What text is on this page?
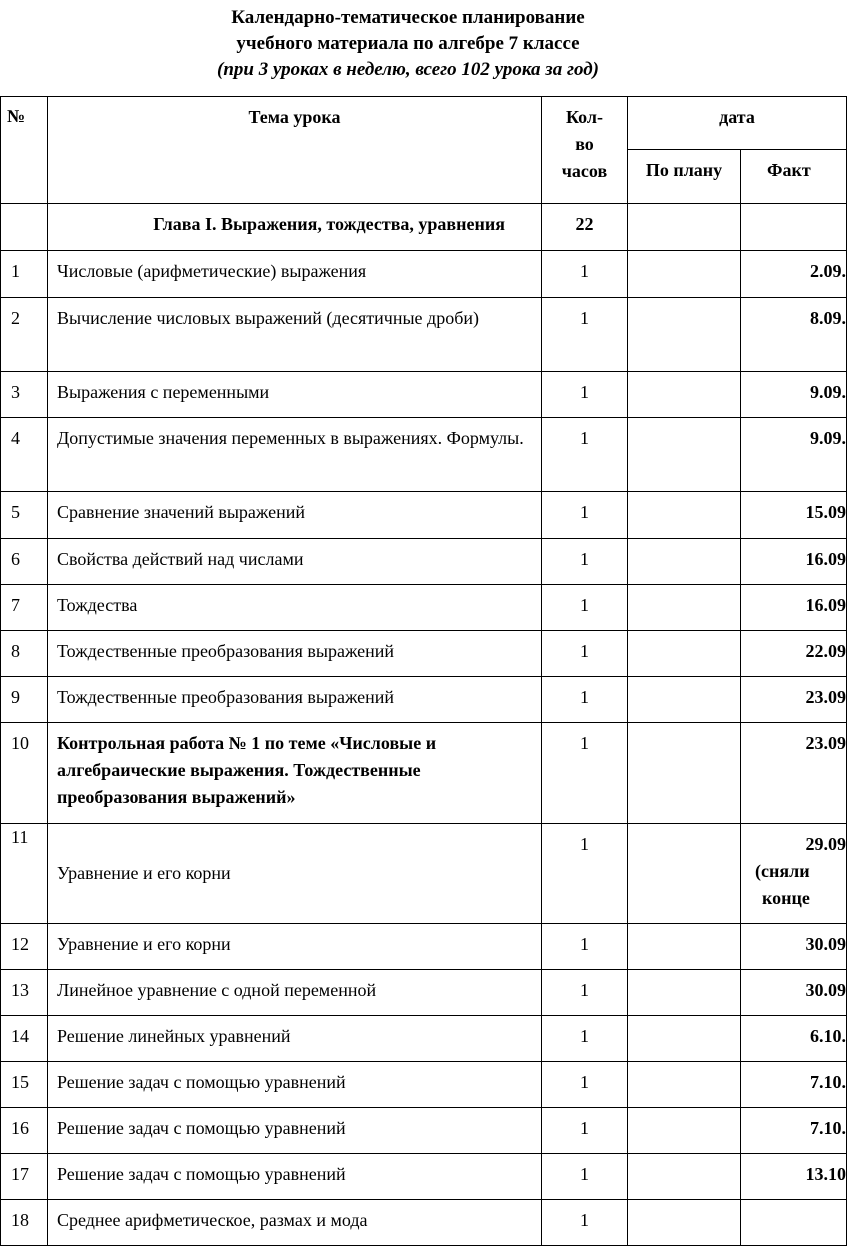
Календарно-тематическое планирование
учебного материала по алгебре 7 классе
(при 3 уроках в неделю, всего 102 урока за год)
№	Тема урока	Кол-во часов	дата	
			По плану	Факт
	Глава I. Выражения, тождества, уравнения	22		
1	Числовые (арифметические) выражения	1		2.09.
2	Вычисление числовых выражений (десятичные дроби)	1		8.09.
3	Выражения с переменными	1		9.09.
4	Допустимые значения переменных в выражениях. Формулы.	1		9.09.
5	Сравнение значений выражений	1		15.09
6	Свойства действий над числами	1		16.09
7	Тождества	1		16.09
8	Тождественные преобразования выражений	1		22.09
9	Тождественные преобразования выражений	1		23.09
10	Контрольная работа № 1 по теме «Числовые и алгебраические выражения. Тождественные преобразования выражений»	1		23.09
11	Уравнение и его корни	1		29.09
(сняли
конце

12	Уравнение и его корни	1		30.09
13	Линейное уравнение с одной переменной	1		30.09
14	Решение линейных уравнений	1		6.10.
15	Решение задач с помощью уравнений	1		7.10.
16	Решение задач с помощью уравнений	1		7.10.
17	Решение задач с помощью уравнений	1		13.10
18	Среднее арифметическое, размах и мода	1		
